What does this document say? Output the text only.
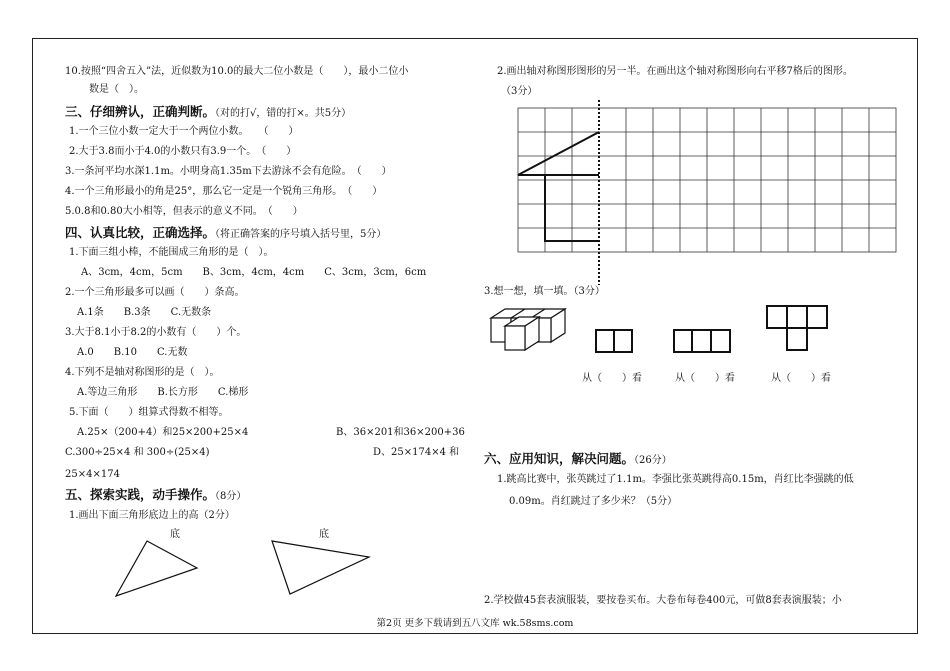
10.按照“四舍五入”法，近似数为10.0的最大二位小数是（　　），最小二位小
数是（　）。
三、仔细辨认，正确判断。（对的打√，错的打×。共5分）
1.一个三位小数一定大于一个两位小数。　　（　　）
2.大于3.8而小于4.0的小数只有3.9一个。　（　　）
3.一条河平均水深1.1m。小明身高1.35m下去游泳不会有危险。　（　　）
4.一个三角形最小的角是25°，那么它一定是一个锐角三角形。　（　　）
5.0.8和0.80大小相等，但表示的意义不同。　（　　）
四、认真比较，正确选择。（将正确答案的序号填入括号里，5分）
1.下面三组小棒，不能围成三角形的是（　）。
A、3cm，4cm，5cm　　B、3cm，4cm，4cm　　C、3cm，3cm，6cm
2.一个三角形最多可以画（　　）条高。
A.1条　　B.3条　　C.无数条
3.大于8.1小于8.2的小数有（　　）个。
A.0　　B.10　　C.无数
4.下列不是轴对称图形的是（　）。
A.等边三角形　　B.长方形　　C.梯形
5.下面（　　）组算式得数不相等。
A.25×（200+4）和25×200+25×4	B、36×201和36×200+36
C.300÷25×4 和 300÷(25×4)	D、25×174×4 和
25×4×174
五、探索实践，动手操作。（8分）
1.画出下面三角形底边上的高（2分）
底	底
2.画出轴对称图形图形的另一半。在画出这个轴对称图形向右平移7格后的图形。
（3分）
3.想一想，填一填。（3分）
从（　　）看	从（　　）看	从（　　）看
六、应用知识，解决问题。（26分）
1.跳高比赛中，张英跳过了1.1m。李强比张英跳得高0.15m，肖红比李强跳的低
0.09m。肖红跳过了多少米？（5分）
2.学校做45套表演服装，要按卷买布。大卷布每卷400元，可做8套表演服装；小
第2页 更多下载请到五八文库 wk.58sms.com
